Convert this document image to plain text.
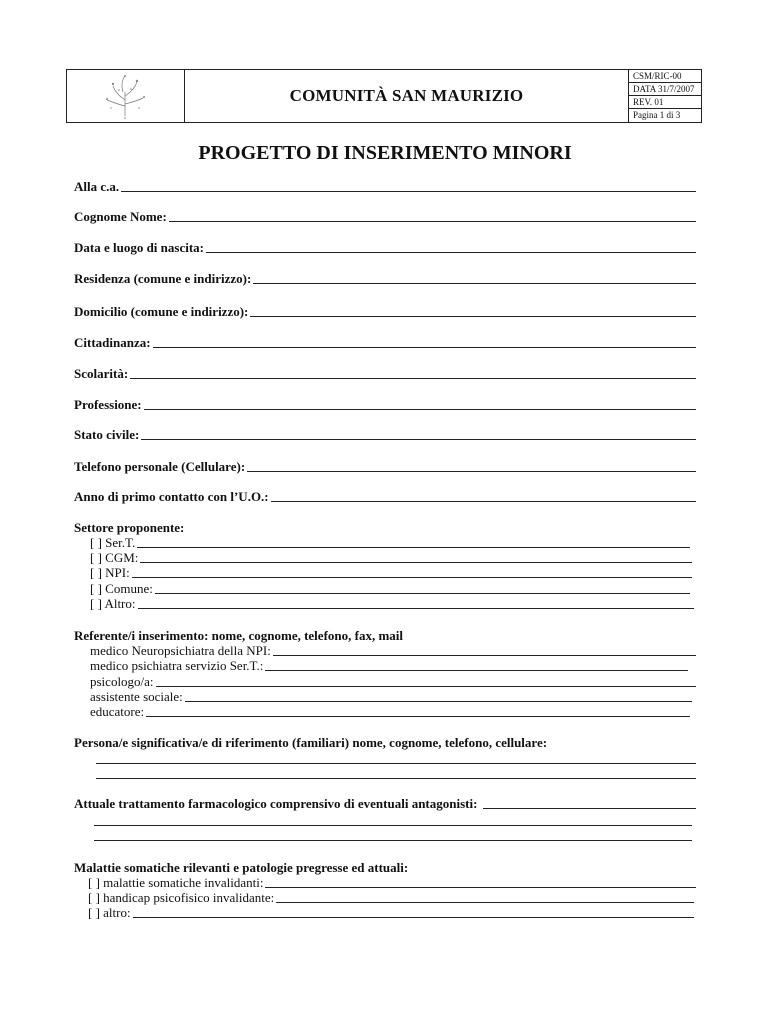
COMUNITÀ SAN MAURIZIO
CSM/RIC-00
DATA 31/7/2007
REV. 01
Pagina 1 di 3
PROGETTO DI INSERIMENTO MINORI
Alla c.a.
Cognome Nome:
Data e luogo di nascita:
Residenza (comune e indirizzo):
Domicilio (comune e indirizzo):
Cittadinanza:
Scolarità:
Professione:
Stato civile:
Telefono personale (Cellulare):
Anno di primo contatto con l’U.O.:
Settore proponente:
[ ] Ser.T.
[ ] CGM:
[ ] NPI:
[ ] Comune:
[ ] Altro:
Referente/i inserimento: nome, cognome, telefono, fax, mail
medico Neuropsichiatra della NPI:
medico psichiatra servizio Ser.T.:
psicologo/a:
assistente sociale:
educatore:
Persona/e significativa/e di riferimento (familiari) nome, cognome, telefono, cellulare:
Attuale trattamento farmacologico comprensivo di eventuali antagonisti:
Malattie somatiche rilevanti e patologie pregresse ed attuali:
[ ] malattie somatiche invalidanti:
[ ] handicap psicofisico invalidante:
[ ] altro:
